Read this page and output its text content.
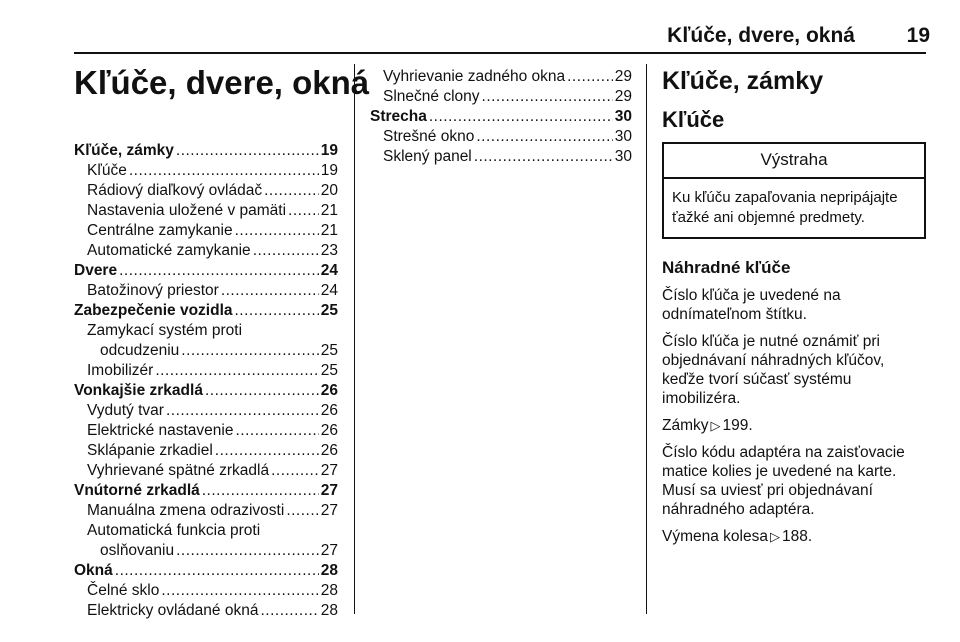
Kľúče, dvere, okná	19
Kľúče, dvere, okná
Kľúče, zámky .....	19
Kľúče .....	19
Rádiový diaľkový ovládač .....	20
Nastavenia uložené v pamäti ..... 21
Centrálne zamykanie .....	21
Automatické zamykanie .....	23
Dvere .....	24
Batožinový priestor .....	24
Zabezpečenie vozidla .....	25
Zamykací systém proti
odcudzeniu .....	25
Imobilizér .....	25
Vonkajšie zrkadlá .....	26
Vydutý tvar .....	26
Elektrické nastavenie .....	26
Sklápanie zrkadiel .....	26
Vyhrievané spätné zrkadlá .....	27
Vnútorné zrkadlá .....	27
Manuálna zmena odrazivosti ..... 27
Automatická funkcia proti
oslňovaniu .....	27
Okná .....	28
Čelné sklo .....	28
Elektricky ovládané okná .....	28
Vyhrievanie zadného okna .....	29
Slnečné clony .....	29
Strecha .....	30
Strešné okno .....	30
Sklený panel .....	30
Kľúče, zámky
Kľúče
Výstraha
Ku kľúču zapaľovania nepripájajte ťažké ani objemné predmety.
Náhradné kľúče
Číslo kľúča je uvedené na odnímateľnom štítku.
Číslo kľúča je nutné oznámiť pri objednávaní náhradných kľúčov, keďže tvorí súčasť systému imobilizéra.
Zámky▷199.
Číslo kódu adaptéra na zaisťovacie matice kolies je uvedené na karte. Musí sa uviesť pri objednávaní náhradného adaptéra.
Výmena kolesa▷188.
